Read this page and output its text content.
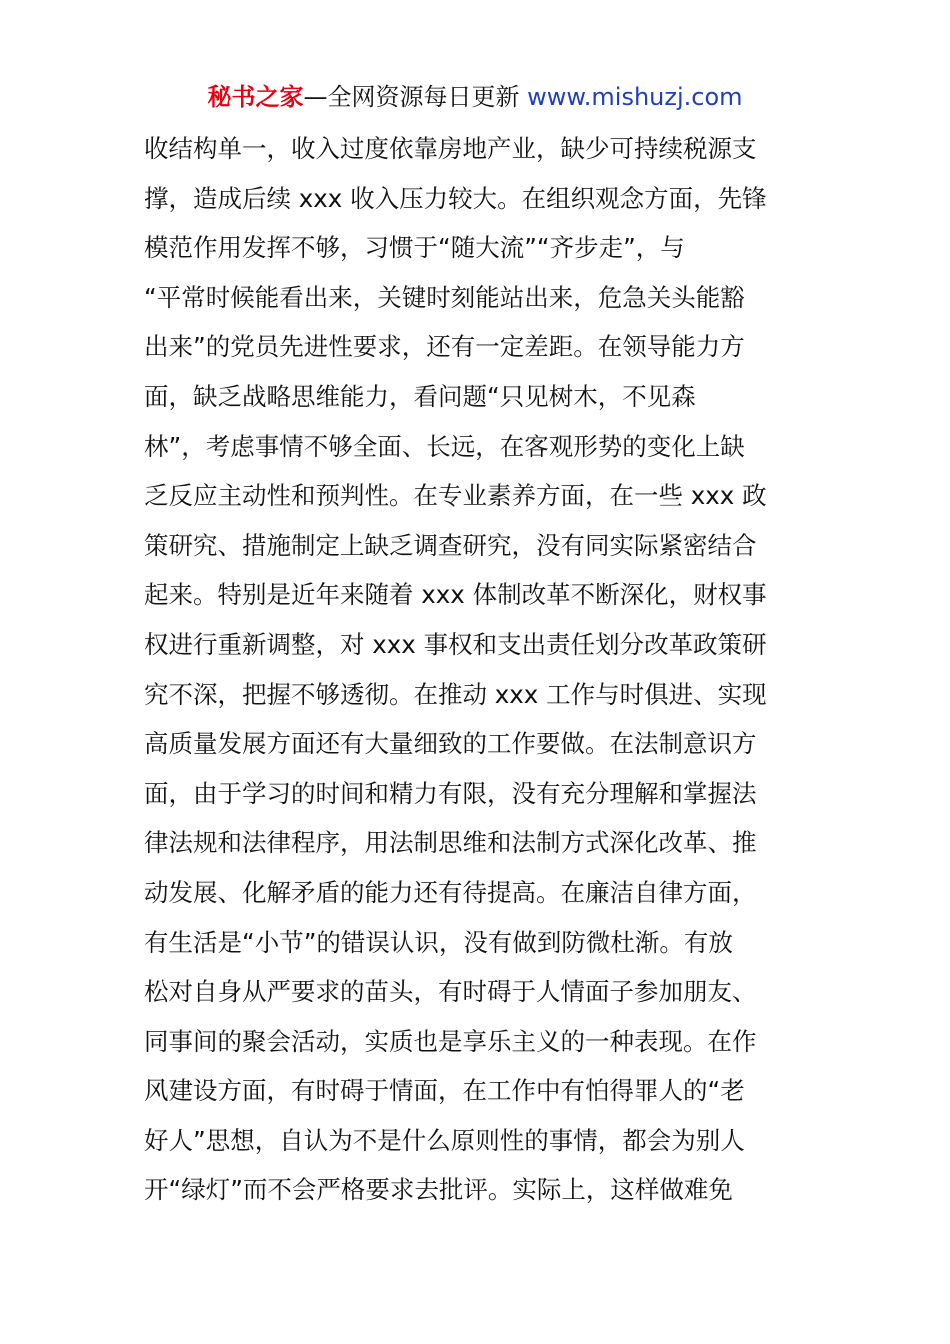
秘书之家—全网资源每日更新 www.mishuzj.com
收结构单一，收入过度依靠房地产业，缺少可持续税源支
撑，造成后续 xxx 收入压力较大。在组织观念方面，先锋
模范作用发挥不够，习惯于“随大流”“齐步走”，与
“平常时候能看出来，关键时刻能站出来，危急关头能豁
出来”的党员先进性要求，还有一定差距。在领导能力方
面，缺乏战略思维能力，看问题“只见树木，不见森
林”，考虑事情不够全面、长远，在客观形势的变化上缺
乏反应主动性和预判性。在专业素养方面，在一些 xxx 政
策研究、措施制定上缺乏调查研究，没有同实际紧密结合
起来。特别是近年来随着 xxx 体制改革不断深化，财权事
权进行重新调整，对 xxx 事权和支出责任划分改革政策研
究不深，把握不够透彻。在推动 xxx 工作与时俱进、实现
高质量发展方面还有大量细致的工作要做。在法制意识方
面，由于学习的时间和精力有限，没有充分理解和掌握法
律法规和法律程序，用法制思维和法制方式深化改革、推
动发展、化解矛盾的能力还有待提高。在廉洁自律方面，
有生活是“小节”的错误认识，没有做到防微杜渐。有放
松对自身从严要求的苗头，有时碍于人情面子参加朋友、
同事间的聚会活动，实质也是享乐主义的一种表现。在作
风建设方面，有时碍于情面，在工作中有怕得罪人的“老
好人”思想，自认为不是什么原则性的事情，都会为别人
开“绿灯”而不会严格要求去批评。实际上，这样做难免
